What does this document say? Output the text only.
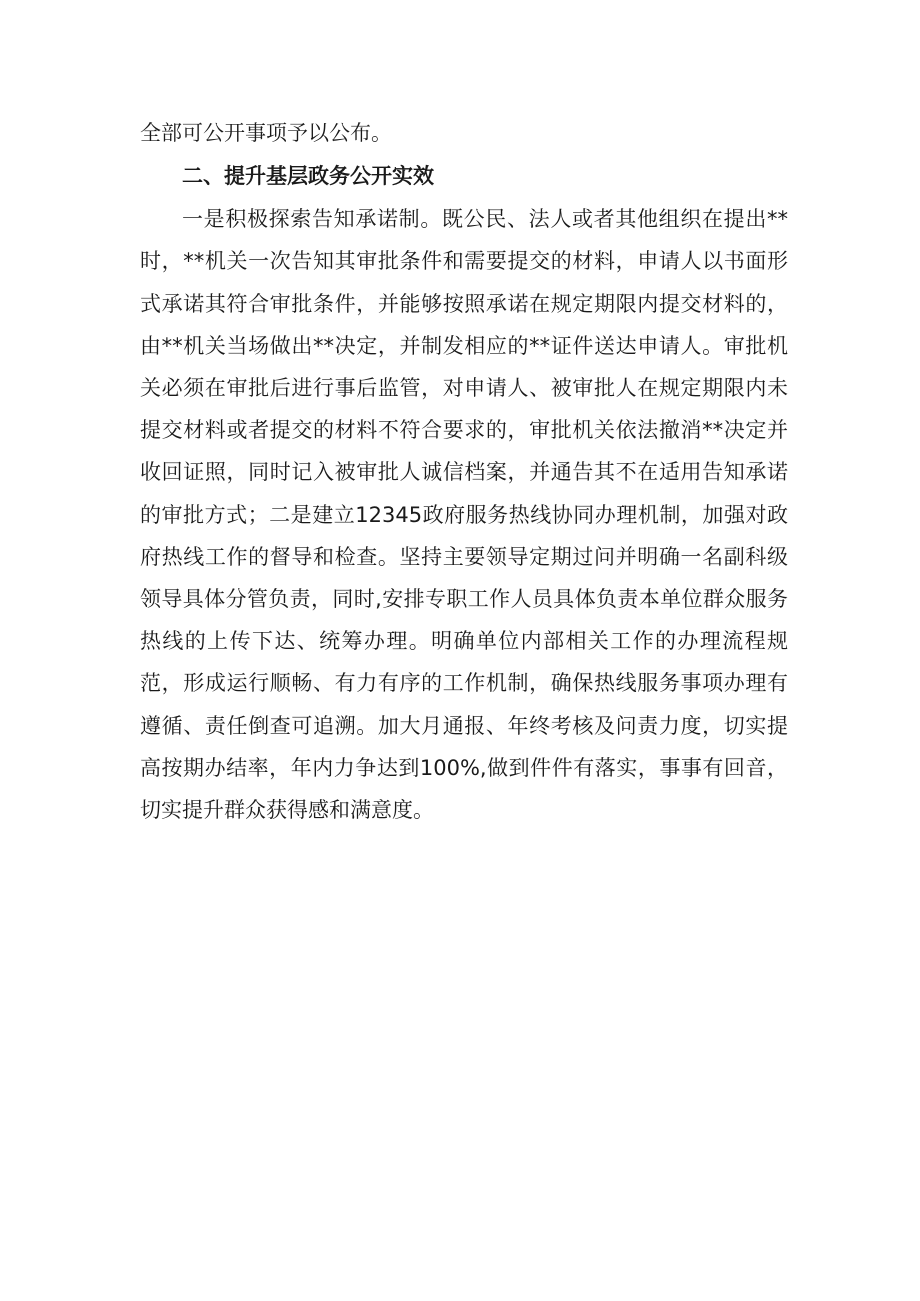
全部可公开事项予以公布。

二、提升基层政务公开实效

一是积极探索告知承诺制。既公民、法人或者其他组织在提出**时，**机关一次告知其审批条件和需要提交的材料，申请人以书面形式承诺其符合审批条件，并能够按照承诺在规定期限内提交材料的，由**机关当场做出**决定，并制发相应的**证件送达申请人。审批机关必须在审批后进行事后监管，对申请人、被审批人在规定期限内未提交材料或者提交的材料不符合要求的，审批机关依法撤消**决定并收回证照，同时记入被审批人诚信档案，并通告其不在适用告知承诺的审批方式；二是建立12345政府服务热线协同办理机制，加强对政府热线工作的督导和检查。坚持主要领导定期过问并明确一名副科级领导具体分管负责，同时,安排专职工作人员具体负责本单位群众服务热线的上传下达、统筹办理。明确单位内部相关工作的办理流程规范，形成运行顺畅、有力有序的工作机制，确保热线服务事项办理有遵循、责任倒查可追溯。加大月通报、年终考核及问责力度，切实提高按期办结率，年内力争达到100%,做到件件有落实，事事有回音，切实提升群众获得感和满意度。
